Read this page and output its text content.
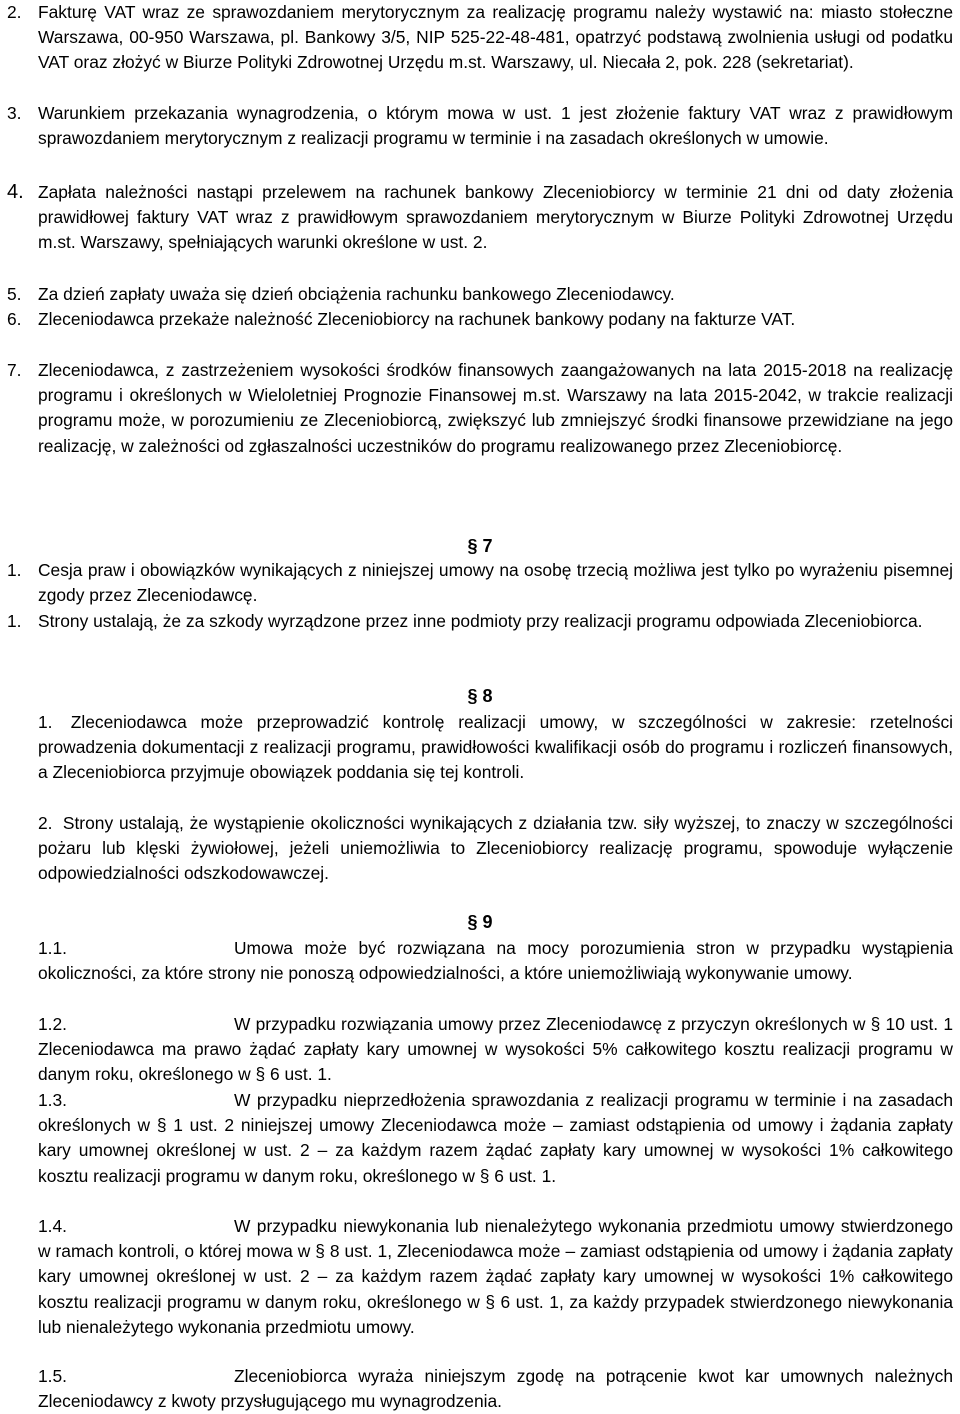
2. Fakturę VAT wraz ze sprawozdaniem merytorycznym za realizację programu należy wystawić na: miasto stołeczne Warszawa, 00-950 Warszawa, pl. Bankowy 3/5, NIP 525-22-48-481, opatrzyć podstawą zwolnienia usługi od podatku VAT oraz złożyć w Biurze Polityki Zdrowotnej Urzędu m.st. Warszawy, ul. Niecała 2, pok. 228 (sekretariat).
3. Warunkiem przekazania wynagrodzenia, o którym mowa w ust. 1 jest złożenie faktury VAT wraz z prawidłowym sprawozdaniem merytorycznym z realizacji programu w terminie i na zasadach określonych w umowie.
4. Zapłata należności nastąpi przelewem na rachunek bankowy Zleceniobiorcy w terminie 21 dni od daty złożenia prawidłowej faktury VAT wraz z prawidłowym sprawozdaniem merytorycznym w Biurze Polityki Zdrowotnej Urzędu m.st. Warszawy, spełniających warunki określone w ust. 2.
5. Za dzień zapłaty uważa się dzień obciążenia rachunku bankowego Zleceniodawcy.
6. Zleceniodawca przekaże należność Zleceniobiorcy na rachunek bankowy podany na fakturze VAT.
7. Zleceniodawca, z zastrzeżeniem wysokości środków finansowych zaangażowanych na lata 2015-2018 na realizację programu i określonych w Wieloletniej Prognozie Finansowej m.st. Warszawy na lata 2015-2042, w trakcie realizacji programu może, w porozumieniu ze Zleceniobiorcą, zwiększyć lub zmniejszyć środki finansowe przewidziane na jego realizację, w zależności od zgłaszalności uczestników do programu realizowanego przez Zleceniobiorcę.
§ 7
1. Cesja praw i obowiązków wynikających z niniejszej umowy na osobę trzecią możliwa jest tylko po wyrażeniu pisemnej zgody przez Zleceniodawcę.
1. Strony ustalają, że za szkody wyrządzone przez inne podmioty przy realizacji programu odpowiada Zleceniobiorca.
§ 8
1. Zleceniodawca może przeprowadzić kontrolę realizacji umowy, w szczególności w zakresie: rzetelności prowadzenia dokumentacji z realizacji programu, prawidłowości kwalifikacji osób do programu i rozliczeń finansowych, a Zleceniobiorca przyjmuje obowiązek poddania się tej kontroli.
2. Strony ustalają, że wystąpienie okoliczności wynikających z działania tzw. siły wyższej, to znaczy w szczególności pożaru lub klęski żywiołowej, jeżeli uniemożliwia to Zleceniobiorcy realizację programu, spowoduje wyłączenie odpowiedzialności odszkodowawczej.
§ 9
1.1.	Umowa może być rozwiązana na mocy porozumienia stron w przypadku wystąpienia okoliczności, za które strony nie ponoszą odpowiedzialności, a które uniemożliwiają wykonywanie umowy.
1.2.	W przypadku rozwiązania umowy przez Zleceniodawcę z przyczyn określonych w § 10 ust. 1 Zleceniodawca ma prawo żądać zapłaty kary umownej w wysokości 5% całkowitego kosztu realizacji programu w danym roku, określonego w § 6 ust. 1.
1.3.	W przypadku nieprzedłożenia sprawozdania z realizacji programu w terminie i na zasadach określonych w § 1 ust. 2 niniejszej umowy Zleceniodawca może – zamiast odstąpienia od umowy i żądania zapłaty kary umownej określonej w ust. 2 – za każdym razem żądać zapłaty kary umownej w wysokości 1% całkowitego kosztu realizacji programu w danym roku, określonego w § 6 ust. 1.
1.4.	W przypadku niewykonania lub nienależytego wykonania przedmiotu umowy stwierdzonego w ramach kontroli, o której mowa w § 8 ust. 1, Zleceniodawca może – zamiast odstąpienia od umowy i żądania zapłaty kary umownej określonej w ust. 2 – za każdym razem żądać zapłaty kary umownej w wysokości 1% całkowitego kosztu realizacji programu w danym roku, określonego w § 6 ust. 1, za każdy przypadek stwierdzonego niewykonania lub nienależytego wykonania przedmiotu umowy.
1.5.	Zleceniobiorca wyraża niniejszym zgodę na potrącenie kwot kar umownych należnych Zleceniodawcy z kwoty przysługującego mu wynagrodzenia.
